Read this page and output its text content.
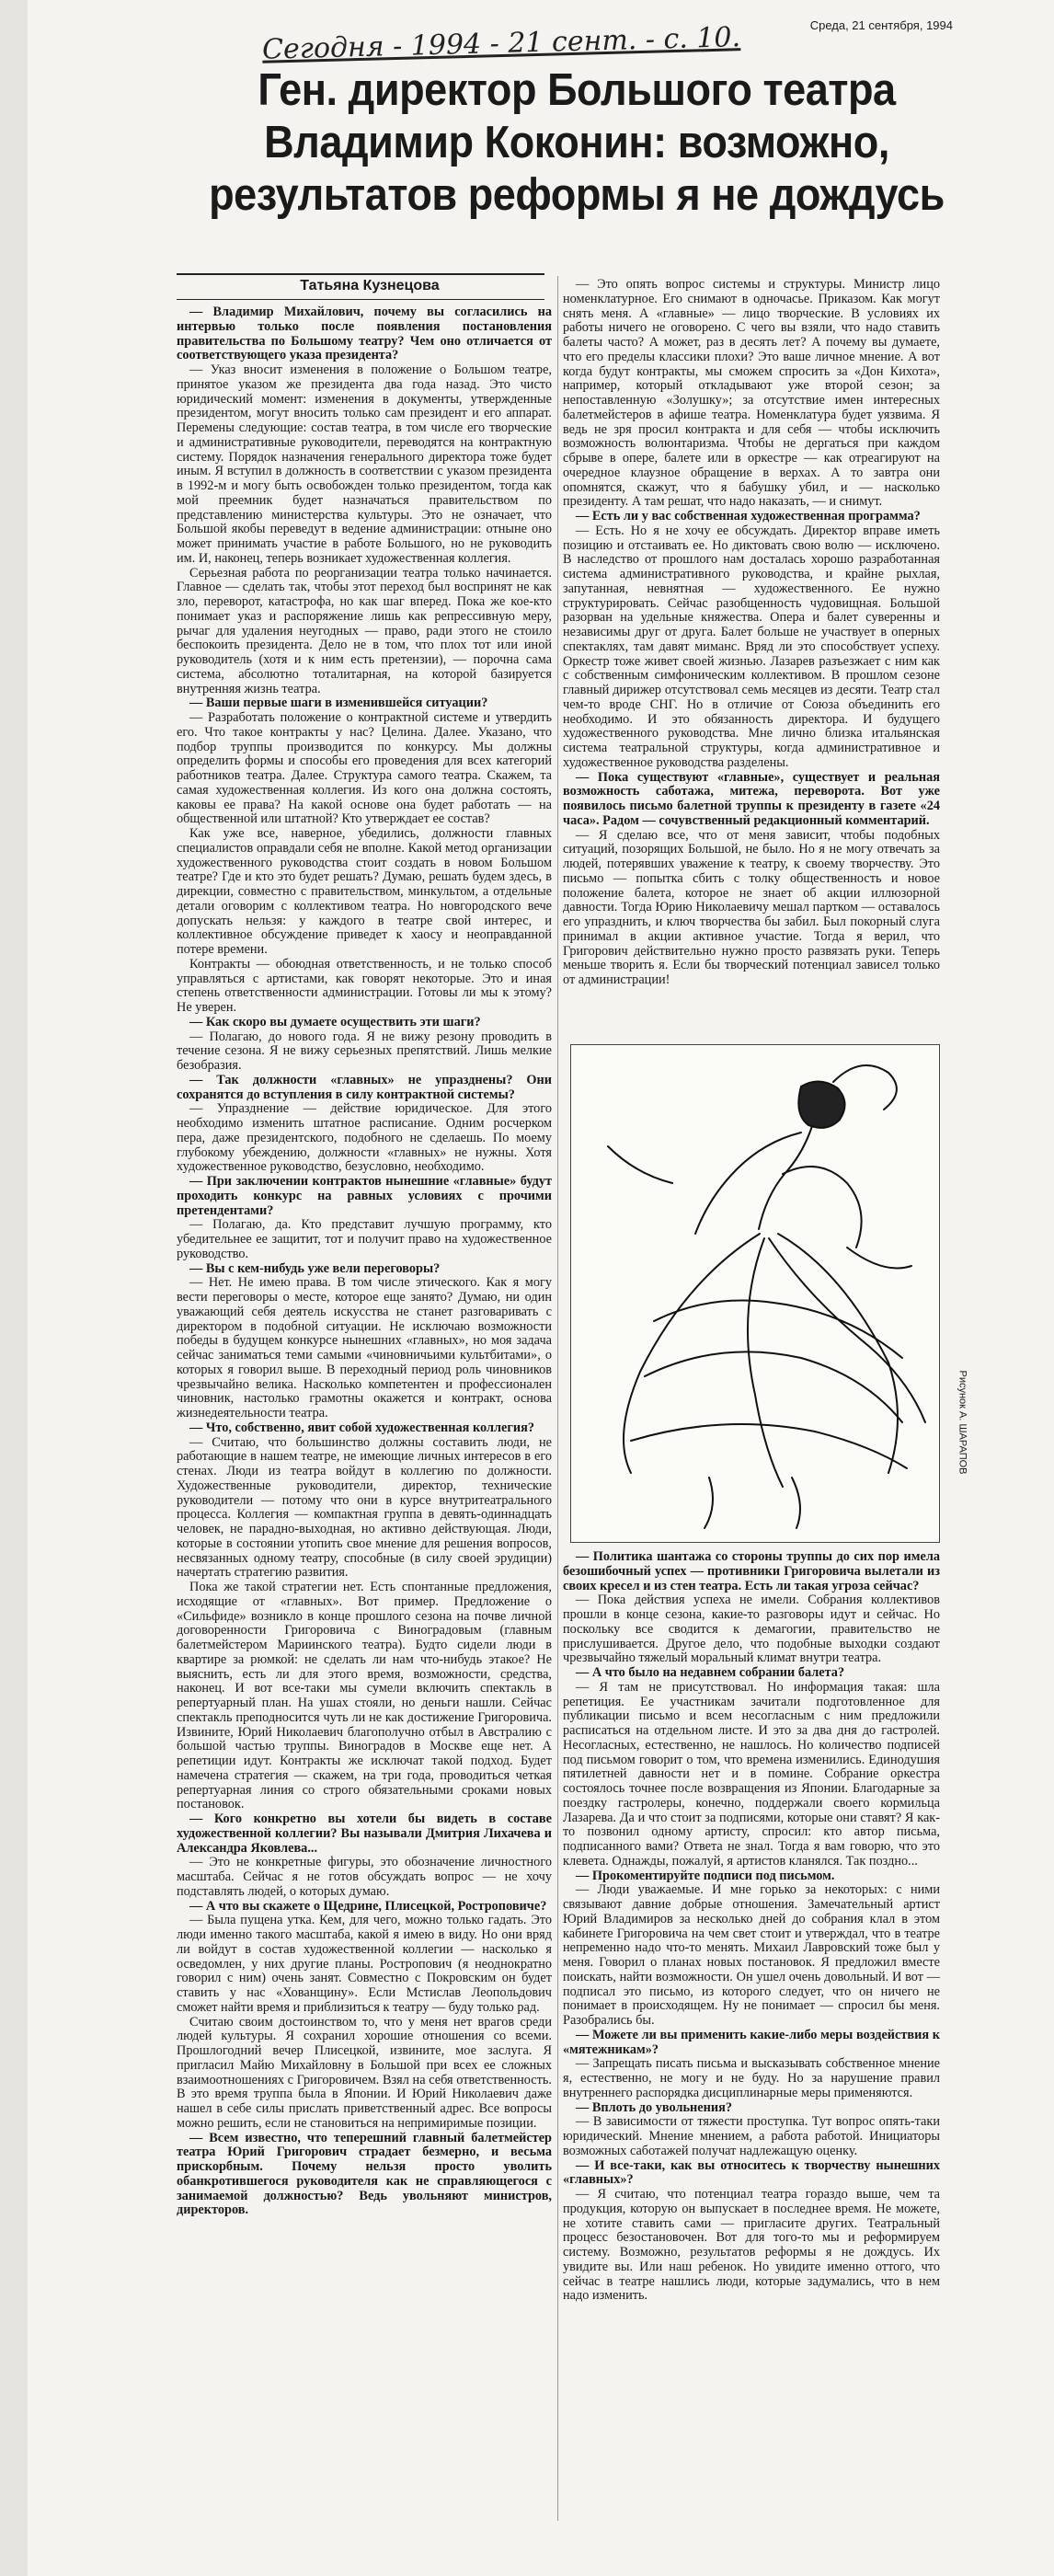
Сегодня - 1994 - 21 сент. - с. 10.	Среда, 21 сентября, 1994
Ген. директор Большого театра Владимир Коконин: возможно, результатов реформы я не дождусь
Татьяна Кузнецова

— Владимир Михайлович, почему вы согласились на интервью только после появления постановления правительства по Большому театру? Чем оно отличается от соответствующего указа президента?

— Указ вносит изменения в положение о Большом театре, принятое указом же президента два года назад. Это чисто юридический момент: изменения в документы, утвержденные президентом, могут вносить только сам президент и его аппарат. Перемены следующие: состав театра, в том числе его творческие и административные руководители, переводятся на контрактную систему. Порядок назначения генерального директора тоже будет иным. Я вступил в должность в соответствии с указом президента в 1992-м и могу быть освобожден только президентом, тогда как мой преемник будет назначаться правительством по представлению министерства культуры. Это не означает, что Большой якобы переведут в ведение администрации: отныне оно может принимать участие в работе Большого, но не руководить им. И, наконец, теперь возникает художественная коллегия.

Серьезная работа по реорганизации театра только начинается. Главное — сделать так, чтобы этот переход был воспринят не как зло, переворот, катастрофа, но как шаг вперед. Пока же кое-кто понимает указ и распоряжение лишь как репрессивную меру, рычаг для удаления неугодных — право, ради этого не стоило беспокоить президента. Дело не в том, что плох тот или иной руководитель (хотя и к ним есть претензии), — порочна сама система, абсолютно тоталитарная, на которой базируется внутренняя жизнь театра.

— Ваши первые шаги в изменившейся ситуации?

— Разработать положение о контрактной системе и утвердить его. Что такое контракты у нас? Целина. Далее. Указано, что подбор труппы производится по конкурсу. Мы должны определить формы и способы его проведения для всех категорий работников театра. Далее. Структура самого театра. Скажем, та самая художественная коллегия. Из кого она должна состоять, каковы ее права? На какой основе она будет работать — на общественной или штатной? Кто утверждает ее состав?

Как уже все, наверное, убедились, должности главных специалистов оправдали себя не вполне. Какой метод организации художественного руководства стоит создать в новом Большом театре? Где и кто это будет решать? Думаю, решать будем здесь, в дирекции, совместно с правительством, минкультом, а отдельные детали оговорим с коллективом театра. Но новгородского вече допускать нельзя: у каждого в театре свой интерес, и коллективное обсуждение приведет к хаосу и неоправданной потере времени.

Контракты — обоюдная ответственность, и не только способ управляться с артистами, как говорят некоторые. Это и иная степень ответственности администрации. Готовы ли мы к этому? Не уверен.

— Как скоро вы думаете осуществить эти шаги?

— Полагаю, до нового года. Я не вижу резону проводить в течение сезона. Я не вижу серьезных препятствий. Лишь мелкие безобразия.

— Так должности «главных» не упразднены? Они сохранятся до вступления в силу контрактной системы?

— Упразднение — действие юридическое. Для этого необходимо изменить штатное расписание. Одним росчерком пера, даже президентского, подобного не сделаешь. По моему глубокому убеждению, должности «главных» не нужны. Хотя художественное руководство, безусловно, необходимо.

— При заключении контрактов нынешние «главные» будут проходить конкурс на равных условиях с прочими претендентами?

— Полагаю, да. Кто представит лучшую программу, кто убедительнее ее защитит, тот и получит право на художественное руководство.

— Вы с кем-нибудь уже вели переговоры?

— Нет. Не имею права. В том числе этического. Как я могу вести переговоры о месте, которое еще занято? Думаю, ни один уважающий себя деятель искусства не станет разговаривать с директором в подобной ситуации. Не исключаю возможности победы в будущем конкурсе нынешних «главных», но моя задача сейчас заниматься теми самыми «чиновничьими культбитами», о которых я говорил выше. В переходный период роль чиновников чрезвычайно велика. Насколько компетентен и профессионален чиновник, настолько грамотны окажется и контракт, основа жизнедеятельности театра.

— Что, собственно, явит собой художественная коллегия?

— Считаю, что большинство должны составить люди, не работающие в нашем театре, не имеющие личных интересов в его стенах. Люди из театра войдут в коллегию по должности. Художественные руководители, директор, технические руководители — потому что они в курсе внутритеатрального процесса. Коллегия — компактная группа в девять-одиннадцать человек, не парадно-выходная, но активно действующая. Люди, которые в состоянии утопить свое мнение для решения вопросов, несвязанных одному театру, способные (в силу своей эрудиции) начертать стратегию развития.

Пока же такой стратегии нет. Есть спонтанные предложения, исходящие от «главных». Вот пример. Предложение о «Сильфиде» возникло в конце прошлого сезона на почве личной договоренности Григоровича с Виноградовым (главным балетмейстером Мариинского театра). Будто сидели люди в квартире за рюмкой: не сделать ли нам что-нибудь этакое? Не выяснить, есть ли для этого время, возможности, средства, наконец. И вот все-таки мы сумели включить спектакль в репертуарный план. На ушах стояли, но деньги нашли. Сейчас спектакль преподносится чуть ли не как достижение Григоровича. Извините, Юрий Николаевич благополучно отбыл в Австралию с большой частью труппы. Виноградов в Москве еще нет. А репетиции идут. Контракты же исключат такой подход. Будет намечена стратегия — скажем, на три года, проводиться четкая репертуарная линия со строго обязательными сроками новых постановок.

— Кого конкретно вы хотели бы видеть в составе художественной коллегии? Вы называли Дмитрия Лихачева и Александра Яковлева...

— Это не конкретные фигуры, это обозначение личностного масштаба. Сейчас я не готов обсуждать вопрос — не хочу подставлять людей, о которых думаю.

— А что вы скажете о Щедрине, Плисецкой, Ростроповиче?

— Была пущена утка. Кем, для чего, можно только гадать. Это люди именно такого масштаба, какой я имею в виду. Но они вряд ли войдут в состав художественной коллегии — насколько я осведомлен, у них другие планы. Ростропович (я неоднократно говорил с ним) очень занят. Совместно с Покровским он будет ставить у нас «Хованщину». Если Мстислав Леопольдович сможет найти время и приблизиться к театру — буду только рад.

Считаю своим достоинством то, что у меня нет врагов среди людей культуры. Я сохранил хорошие отношения со всеми. Прошлогодний вечер Плисецкой, извините, мое заслуга. Я пригласил Майю Михайловну в Большой при всех ее сложных взаимоотношениях с Григоровичем. Взял на себя ответственность. В это время труппа была в Японии. И Юрий Николаевич даже нашел в себе силы прислать приветственный адрес. Все вопросы можно решить, если не становиться на непримиримые позиции.

— Всем известно, что теперешний главный балетмейстер театра Юрий Григорович страдает безмерно, и весьма прискорбным. Почему нельзя просто уволить обанкротившегося руководителя как не справляющегося с занимаемой должностью? Ведь увольняют министров, директоров.

— Это опять вопрос системы и структуры. Министр лицо номенклатурное. Его снимают в одночасье. Приказом. Как могут снять меня. А «главные» — лицо творческие. В условиях их работы ничего не оговорено. С чего вы взяли, что надо ставить балеты часто? А может, раз в десять лет? А почему вы думаете, что его пределы классики плохи? Это ваше личное мнение. А вот когда будут контракты, мы сможем спросить за «Дон Кихота», например, который откладывают уже второй сезон; за непоставленную «Золушку»; за отсутствие имен интересных балетмейстеров в афише театра. Номенклатура будет уязвима. Я ведь не зря просил контракта и для себя — чтобы исключить возможность волюнтаризма. Чтобы не дергаться при каждом сбрыве в опере, балете или в оркестре — как отреагируют на очередное клаузное обращение в верхах. А то завтра они опомнятся, скажут, что я бабушку убил, и — насколько президенту. А там решат, что надо наказать, — и снимут.

— Есть ли у вас собственная художественная программа?

— Есть. Но я не хочу ее обсуждать. Директор вправе иметь позицию и отстаивать ее. Но диктовать свою волю — исключено. В наследство от прошлого нам досталась хорошо разработанная система административного руководства, и крайне рыхлая, запутанная, невнятная — художественного. Ее нужно структурировать. Сейчас разобщенность чудовищная. Большой разорван на удельные княжества. Опера и балет суверенны и независимы друг от друга. Балет больше не участвует в оперных спектаклях, там давят миманс. Вряд ли это способствует успеху. Оркестр тоже живет своей жизнью. Лазарев разъезжает с ним как с собственным симфоническим коллективом. В прошлом сезоне главный дирижер отсутствовал семь месяцев из десяти. Театр стал чем-то вроде СНГ. Но в отличие от Союза объединить его необходимо. И это обязанность директора. И будущего художественного руководства. Мне лично близка итальянская система театральной структуры, когда административное и художественное руководства разделены.

— Пока существуют «главные», существует и реальная возможность саботажа, митежа, переворота. Вот уже появилось письмо балетной труппы к президенту в газете «24 часа». Радом — сочувственный редакционный комментарий.

— Я сделаю все, что от меня зависит, чтобы подобных ситуаций, позорящих Большой, не было. Но я не могу отвечать за людей, потерявших уважение к театру, к своему творчеству. Это письмо — попытка сбить с толку общественность и новое положение балета, которое не знает об акции иллюзорной давности. Тогда Юрию Николаевичу мешал партком — оставалось его упразднить, и ключ творчества бы забил. Был покорный слуга принимал в акции активное участие. Тогда я верил, что Григорович действительно нужно просто развязать руки. Теперь меньше творить я. Если бы творческий потенциал зависел только от администрации!

Рисунок А. ШАРАПОВ

— Политика шантажа со стороны труппы до сих пор имела безошибочный успех — противники Григоровича вылетали из своих кресел и из стен театра. Есть ли такая угроза сейчас?

— Пока действия успеха не имели. Собрания коллективов прошли в конце сезона, какие-то разговоры идут и сейчас. Но поскольку все сводится к демагогии, правительство не прислушивается. Другое дело, что подобные выходки создают чрезвычайно тяжелый моральный климат внутри театра.

— А что было на недавнем собрании балета?

— Я там не присутствовал. Но информация такая: шла репетиция. Ее участникам зачитали подготовленное для публикации письмо и всем несогласным с ним предложили расписаться на отдельном листе. И это за два дня до гастролей. Несогласных, естественно, не нашлось. Но количество подписей под письмом говорит о том, что времена изменились. Единодушия пятилетней давности нет и в помине. Собрание оркестра состоялось точнее после возвращения из Японии. Благодарные за поездку гастролеры, конечно, поддержали своего кормильца Лазарева. Да и что стоит за подписями, которые они ставят? Я как-то позвонил одному артисту, спросил: кто автор письма, подписанного вами? Ответа не знал. Тогда я вам говорю, что это клевета. Однажды, пожалуй, я артистов кланялся. Так поздно...

— Прокоментируйте подписи под письмом.

— Люди уважаемые. И мне горько за некоторых: с ними связывают давние добрые отношения. Замечательный артист Юрий Владимиров за несколько дней до собрания клал в этом кабинете Григоровича на чем свет стоит и утверждал, что в театре непременно надо что-то менять. Михаил Лавровский тоже был у меня. Говорил о планах новых постановок. Я предложил вместе поискать, найти возможности. Он ушел очень довольный. И вот — подписал это письмо, из которого следует, что он ничего не понимает в происходящем. Ну не понимает — спросил бы меня. Разобрались бы.

— Можете ли вы применить какие-либо меры воздействия к «мятежникам»?

— Запрещать писать письма и высказывать собственное мнение я, естественно, не могу и не буду. Но за нарушение правил внутреннего распорядка дисциплинарные меры применяются.

— Вплоть до увольнения?

— В зависимости от тяжести проступка. Тут вопрос опять-таки юридический. Мнение мнением, а работа работой. Инициаторы возможных саботажей получат надлежащую оценку.

— И все-таки, как вы относитесь к творчеству нынешних «главных»?

— Я считаю, что потенциал театра гораздо выше, чем та продукция, которую он выпускает в последнее время. Не можете, не хотите ставить сами — пригласите других. Театральный процесс безостановочен. Вот для того-то мы и реформируем систему. Возможно, результатов реформы я не дождусь. Их увидите вы. Или наш ребенок. Но увидите именно оттого, что сейчас в театре нашлись люди, которые задумались, что в нем надо изменить.
